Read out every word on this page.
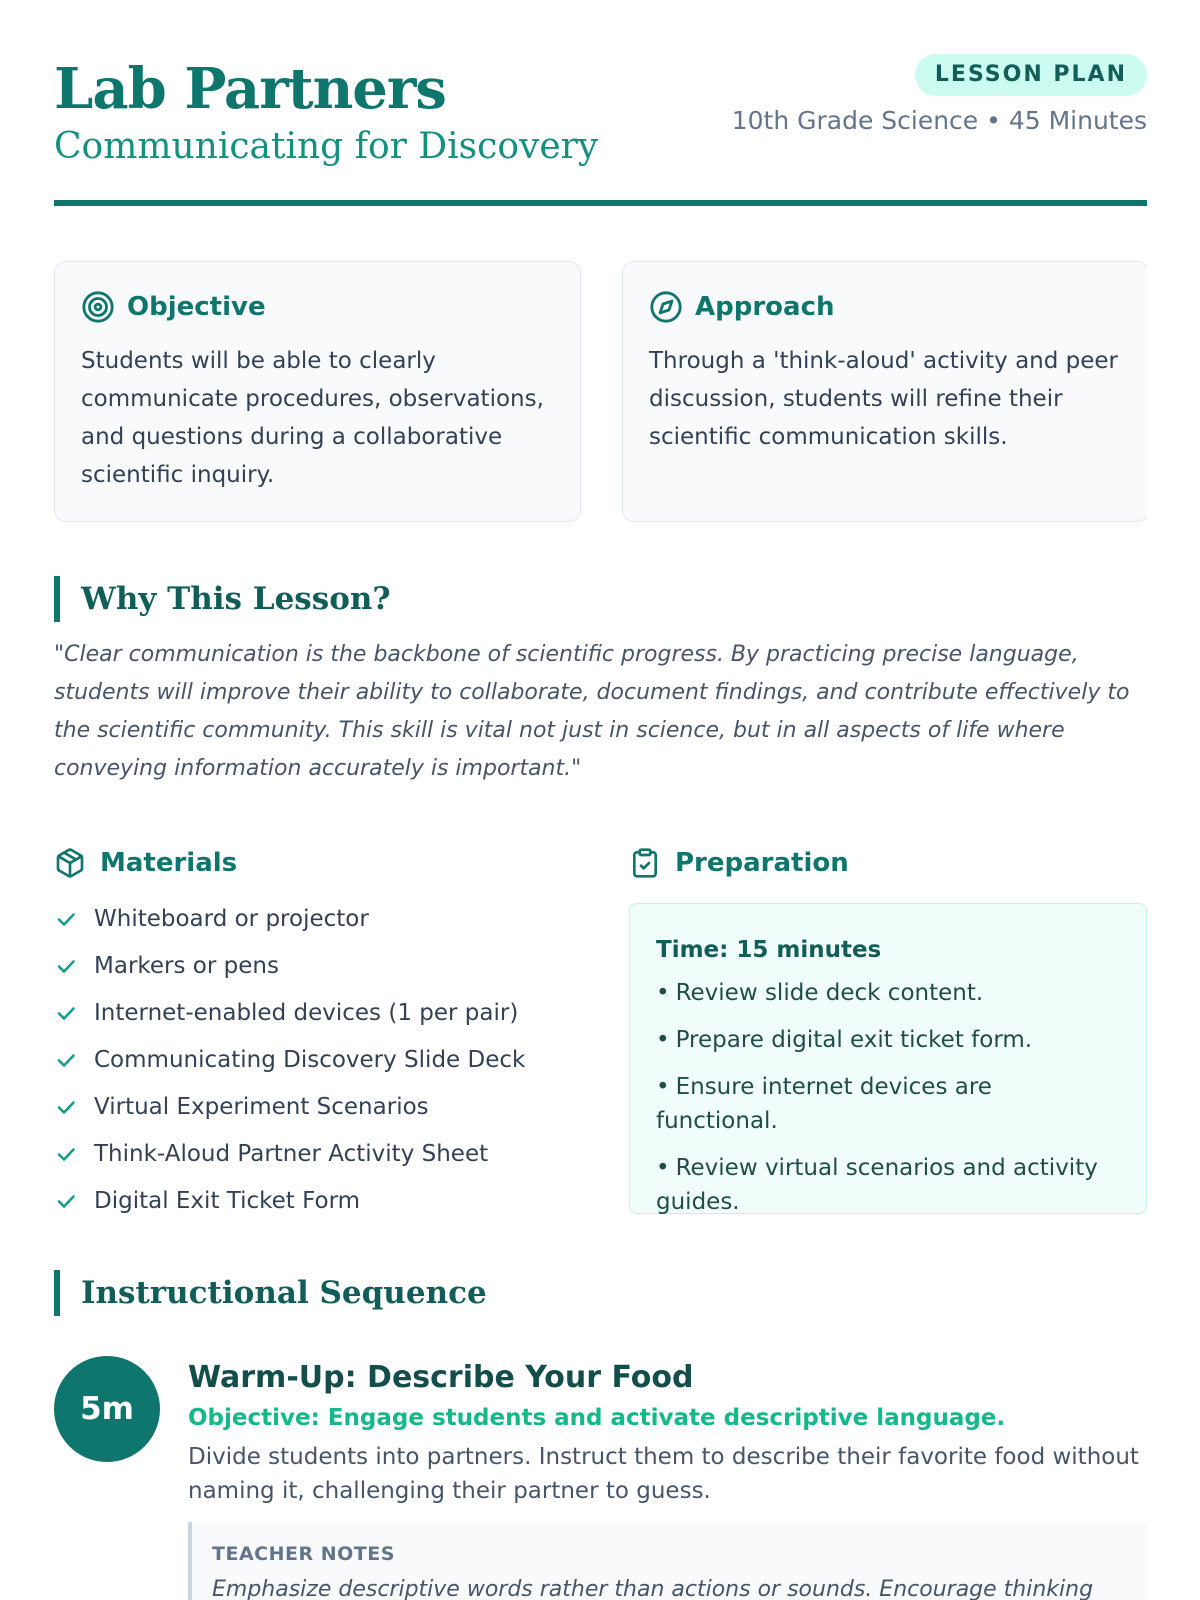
Lab Partners
Communicating for Discovery
LESSON PLAN
10th Grade Science • 45 Minutes
Objective
Students will be able to clearly communicate procedures, observations, and questions during a collaborative scientific inquiry.
Approach
Through a 'think-aloud' activity and peer discussion, students will refine their scientific communication skills.
Why This Lesson?
"Clear communication is the backbone of scientific progress. By practicing precise language, students will improve their ability to collaborate, document findings, and contribute effectively to the scientific community. This skill is vital not just in science, but in all aspects of life where conveying information accurately is important."
Materials
Whiteboard or projector
Markers or pens
Internet-enabled devices (1 per pair)
Communicating Discovery Slide Deck
Virtual Experiment Scenarios
Think-Aloud Partner Activity Sheet
Digital Exit Ticket Form
Preparation
Time: 15 minutes
• Review slide deck content.
• Prepare digital exit ticket form.
• Ensure internet devices are functional.
• Review virtual scenarios and activity guides.
Instructional Sequence
5m
Warm-Up: Describe Your Food
Objective: Engage students and activate descriptive language.
Divide students into partners. Instruct them to describe their favorite food without naming it, challenging their partner to guess.
TEACHER NOTES
Emphasize descriptive words rather than actions or sounds. Encourage thinking
